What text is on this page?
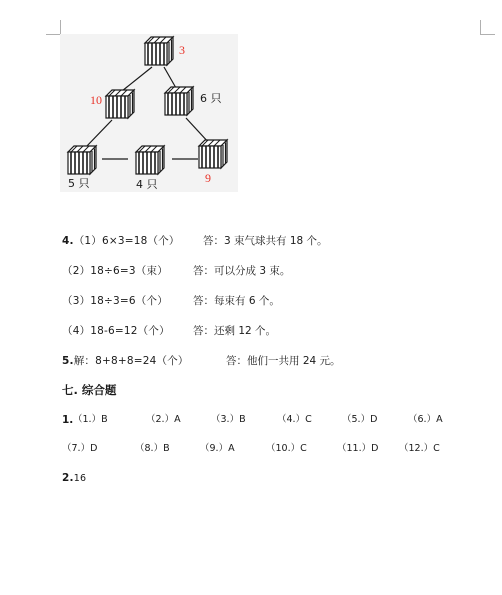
3
10	6 只
5 只	4 只	9
4.（1）6×3=18（个） 答：3 束气球共有 18 个。
（2）18÷6=3（束） 答：可以分成 3 束。
（3）18÷3=6（个） 答：每束有 6 个。
（4）18-6=12（个） 答：还剩 12 个。
5.解：8+8+8=24（个）	答：他们一共用 24 元。
七. 综合题
1. （1.）B	（2.）A	（3.）B	（4.）C	（5.）D	（6.）A
（7.）D	（8.）B	（9.）A	（10.）C	（11.）D （12.）C
2.16
